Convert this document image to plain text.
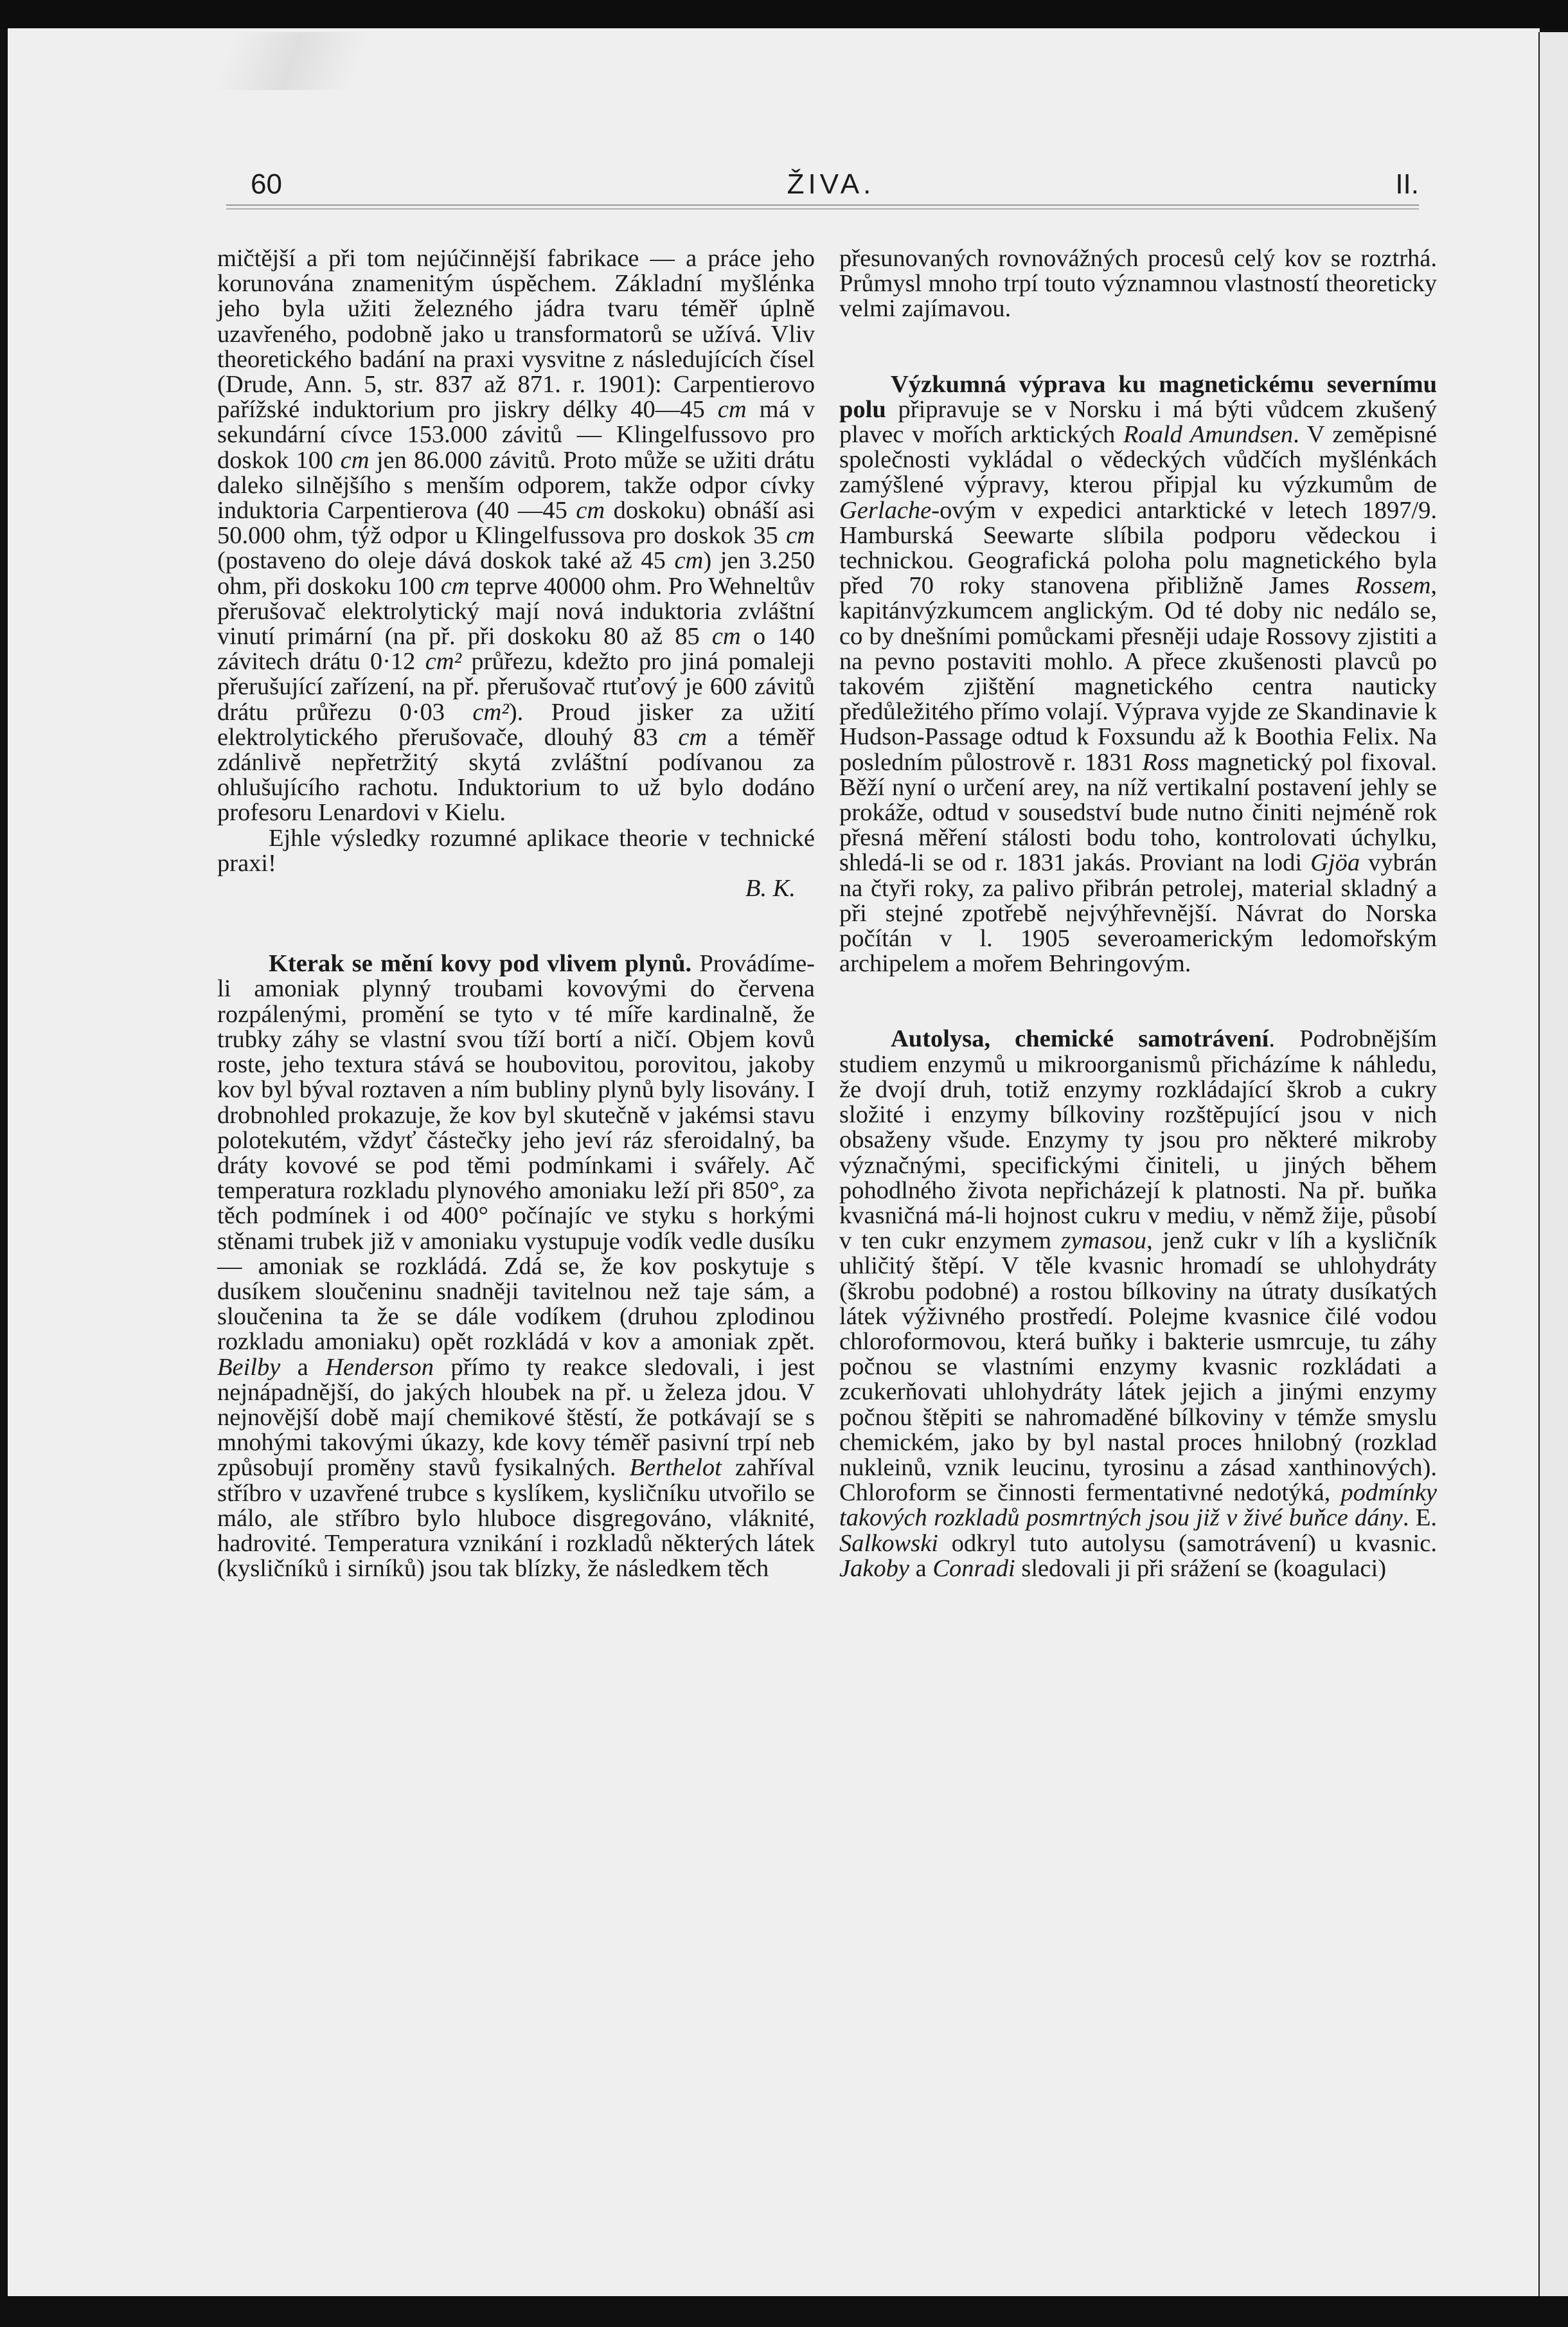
60	ŽIVA.	II.

mičtější a při tom nejúčinnější fabrikace — a práce jeho korunována znamenitým úspěchem. Základní myšlénka jeho byla užiti železného jádra tvaru téměř úplně uzavřeného, podobně jako u transformatorů se užívá. Vliv theoretického badání na praxi vysvitne z následujících čísel (Drude, Ann. 5, str. 837 až 871. r. 1901): Carpentierovo pařížské induktorium pro jiskry délky 40—45 cm má v sekundární cívce 153.000 závitů — Klingelfussovo pro doskok 100 cm jen 86.000 závitů. Proto může se užiti drátu daleko silnějšího s menším odporem, takže odpor cívky induktoria Carpentierova (40 —45 cm doskoku) obnáší asi 50.000 ohm, týž odpor u Klingelfussova pro doskok 35 cm (postaveno do oleje dává doskok také až 45 cm) jen 3.250 ohm, při doskoku 100 cm teprve 40000 ohm. Pro Wehneltův přerušovač elektrolytický mají nová induktoria zvláštní vinutí primární (na př. při doskoku 80 až 85 cm o 140 závitech drátu 0·12 cm² průřezu, kdežto pro jiná pomaleji přerušující zařízení, na př. přerušovač rtuťový je 600 závitů drátu průřezu 0·03 cm²). Proud jisker za užití elektrolytického přerušovače, dlouhý 83 cm a téměř zdánlivě nepřetržitý skytá zvláštní podívanou za ohlušujícího rachotu. Induktorium to už bylo dodáno profesoru Lenardovi v Kielu.

Ejhle výsledky rozumné aplikace theorie v technické praxi!

B. K.

Kterak se mění kovy pod vlivem plynů. Provádíme-li amoniak plynný troubami kovovými do červena rozpálenými, promění se tyto v té míře kardinalně, že trubky záhy se vlastní svou tíží bortí a ničí. Objem kovů roste, jeho textura stává se houbovitou, porovitou, jakoby kov byl býval roztaven a ním bubliny plynů byly lisovány. I drobnohled prokazuje, že kov byl skutečně v jakémsi stavu polotekutém, vždyť částečky jeho jeví ráz sferoidalný, ba dráty kovové se pod těmi podmínkami i svářely. Ač temperatura rozkladu plynového amoniaku leží při 850°, za těch podmínek i od 400° počínajíc ve styku s horkými stěnami trubek již v amoniaku vystupuje vodík vedle dusíku — amoniak se rozkládá. Zdá se, že kov poskytuje s dusíkem sloučeninu snadněji tavitelnou než taje sám, a sloučenina ta že se dále vodíkem (druhou zplodinou rozkladu amoniaku) opět rozkládá v kov a amoniak zpět. Beilby a Henderson přímo ty reakce sledovali, i jest nejnápadnější, do jakých hloubek na př. u železa jdou. V nejnovější době mají chemikové štěstí, že potkávají se s mnohými takovými úkazy, kde kovy téměř pasivní trpí neb způsobují proměny stavů fysikalných. Berthelot zahříval stříbro v uzavřené trubce s kyslíkem, kysličníku utvořilo se málo, ale stříbro bylo hluboce disgregováno, vláknité, hadrovité. Temperatura vznikání i rozkladů některých látek (kysličníků i sirníků) jsou tak blízky, že následkem těch

přesunovaných rovnovážných procesů celý kov se roztrhá. Průmysl mnoho trpí touto významnou vlastností theoreticky velmi zajímavou.

Výzkumná výprava ku magnetickému severnímu polu připravuje se v Norsku i má býti vůdcem zkušený plavec v mořích arktických Roald Amundsen. V zeměpisné společnosti vykládal o vědeckých vůdčích myšlénkách zamýšlené výpravy, kterou připjal ku výzkumům de Gerlache-ovým v expedici antarktické v letech 1897/9. Hamburská Seewarte slíbila podporu vědeckou i technickou. Geografická poloha polu magnetického byla před 70 roky stanovena přibližně James Rossem, kapitánvýzkumcem anglickým. Od té doby nic nedálo se, co by dnešními pomůckami přesněji udaje Rossovy zjistiti a na pevno postaviti mohlo. A přece zkušenosti plavců po takovém zjištění magnetického centra nauticky předůležitého přímo volají. Výprava vyjde ze Skandinavie k Hudson-Passage odtud k Foxsundu až k Boothia Felix. Na posledním půlostrově r. 1831 Ross magnetický pol fixoval. Běží nyní o určení arey, na níž vertikalní postavení jehly se prokáže, odtud v sousedství bude nutno činiti nejméně rok přesná měření stálosti bodu toho, kontrolovati úchylku, shledá-li se od r. 1831 jakás. Proviant na lodi Gjöa vybrán na čtyři roky, za palivo přibrán petrolej, material skladný a při stejné zpotřebě nejvýhřevnější. Návrat do Norska počítán v l. 1905 severoamerickým ledomořským archipelem a mořem Behringovým.

Autolysa, chemické samotrávení. Podrobnějším studiem enzymů u mikroorganismů přicházíme k náhledu, že dvojí druh, totiž enzymy rozkládající škrob a cukry složité i enzymy bílkoviny rozštěpující jsou v nich obsaženy všude. Enzymy ty jsou pro některé mikroby význačnými, specifickými činiteli, u jiných během pohodlného života nepřicházejí k platnosti. Na př. buňka kvasničná má-li hojnost cukru v mediu, v němž žije, působí v ten cukr enzymem zymasou, jenž cukr v líh a kysličník uhličitý štěpí. V těle kvasnic hromadí se uhlohydráty (škrobu podobné) a rostou bílkoviny na útraty dusíkatých látek výživného prostředí. Polejme kvasnice čilé vodou chloroformovou, která buňky i bakterie usmrcuje, tu záhy počnou se vlastními enzymy kvasnic rozkládati a zcukerňovati uhlohydráty látek jejich a jinými enzymy počnou štěpiti se nahromaděné bílkoviny v témže smyslu chemickém, jako by byl nastal proces hnilobný (rozklad nukleinů, vznik leucinu, tyrosinu a zásad xanthinových). Chloroform se činnosti fermentativné nedotýká, podmínky takových rozkladů posmrtných jsou již v živé buňce dány. E. Salkowski odkryl tuto autolysu (samotrávení) u kvasnic. Jakoby a Conradi sledovali ji při srážení se (koagulaci)
